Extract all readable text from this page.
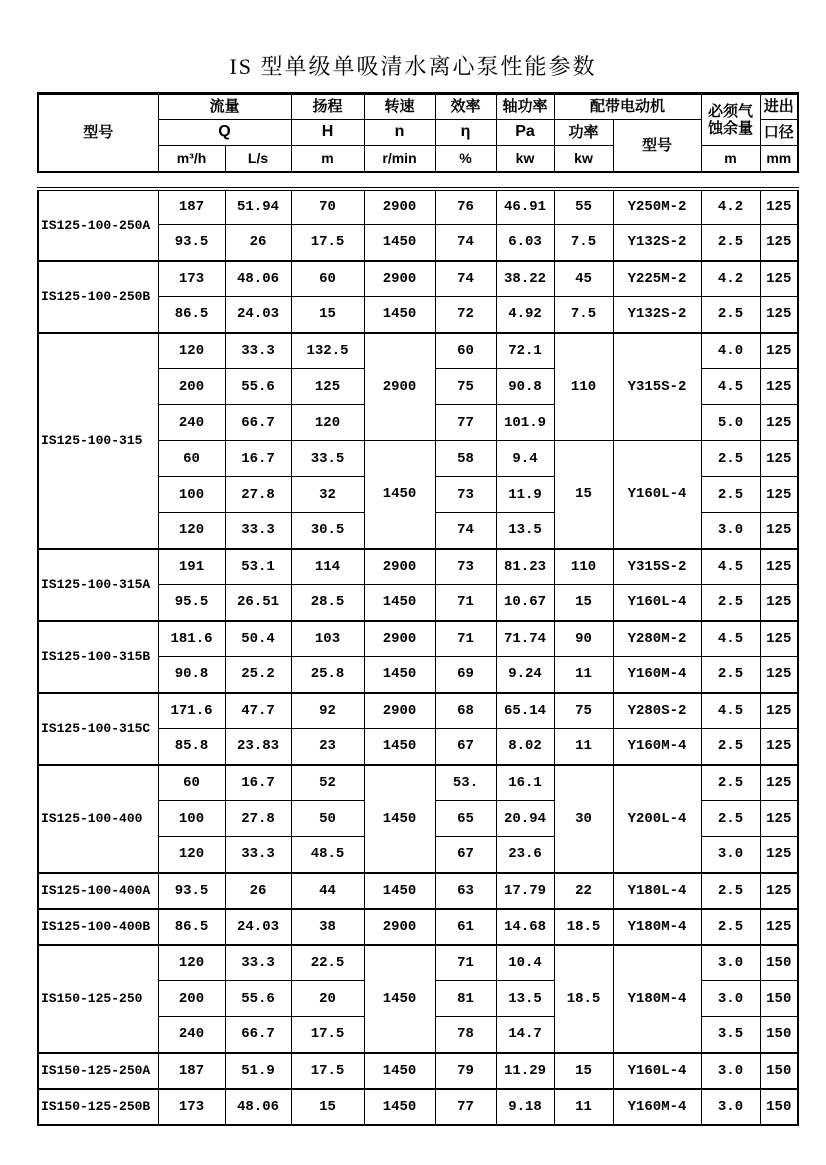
IS 型单级单吸清水离心泵性能参数
型号	流量		扬程	转速	效率	轴功率	配带电动机		必须气
蚀余量	进出
	Q		H	n	η	Pa	功率	型号		口径
	m³/h	L/s	m	r/min	%	kw	kw		m	mm
IS125-100-250A	187	51.94	70	2900	76	46.91	55	Y250M-2	4.2	125
	93.5	26	17.5	1450	74	6.03	7.5	Y132S-2	2.5	125
IS125-100-250B	173	48.06	60	2900	74	38.22	45	Y225M-2	4.2	125
	86.5	24.03	15	1450	72	4.92	7.5	Y132S-2	2.5	125
IS125-100-315	120	33.3	132.5	2900	60	72.1	110	Y315S-2	4.0	125
	200	55.6	125		75	90.8			4.5	125
	240	66.7	120		77	101.9			5.0	125
	60	16.7	33.5	1450	58	9.4	15	Y160L-4	2.5	125
	100	27.8	32		73	11.9			2.5	125
	120	33.3	30.5		74	13.5			3.0	125
IS125-100-315A	191	53.1	114	2900	73	81.23	110	Y315S-2	4.5	125
	95.5	26.51	28.5	1450	71	10.67	15	Y160L-4	2.5	125
IS125-100-315B	181.6	50.4	103	2900	71	71.74	90	Y280M-2	4.5	125
	90.8	25.2	25.8	1450	69	9.24	11	Y160M-4	2.5	125
IS125-100-315C	171.6	47.7	92	2900	68	65.14	75	Y280S-2	4.5	125
	85.8	23.83	23	1450	67	8.02	11	Y160M-4	2.5	125
IS125-100-400	60	16.7	52	1450	53.	16.1	30	Y200L-4	2.5	125
	100	27.8	50		65	20.94			2.5	125
	120	33.3	48.5		67	23.6			3.0	125
IS125-100-400A	93.5	26	44	1450	63	17.79	22	Y180L-4	2.5	125
IS125-100-400B	86.5	24.03	38	2900	61	14.68	18.5	Y180M-4	2.5	125
IS150-125-250	120	33.3	22.5	1450	71	10.4	18.5	Y180M-4	3.0	150
	200	55.6	20		81	13.5			3.0	150
	240	66.7	17.5		78	14.7			3.5	150
IS150-125-250A	187	51.9	17.5	1450	79	11.29	15	Y160L-4	3.0	150
IS150-125-250B	173	48.06	15	1450	77	9.18	11	Y160M-4	3.0	150
